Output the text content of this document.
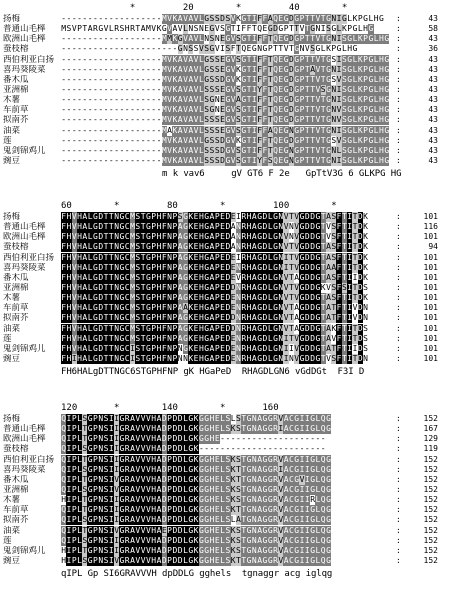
*	20	*	40	*
扬梅	- - - - - - - - - - - - - - - - - - - M V K A V A V L G S S D S V K G T I F F A Q E G D G P T T V T G N I G L K P G L H G :	43
普通山毛榉	M S V P T A R G V L R S H R T A M V K G V A V L N S N E G V S G T I F F T Q E G D G P T T V T G N I S G L K P G L H G	:	58
欧洲山毛榉	- - - - - - - - - - - - - - - - - - - M M K G V A V L N S N E G V S G T I F F T Q E G D G P T T V T G N I S G L K P G L H G :	43
蚕枝榕	- - - - - - - - - - - - - - - - - - - - - - G N S S V S G V I S F T Q E G N G P T T V T G N V S G L K P G L H G	:	36
西伯利亚白扬 - - - - - - - - - - - - - - - - - - - M V K A V A V L G S S E G V S G T I F F T Q E G D G P T T V T G S I S G L K P G L H G :	43
喜玛葵陵菜	- - - - - - - - - - - - - - - - - - - M V K A V A V L G S S E G V K G T I F F T Q E G D G P T A V T G N I S G L K P G L H G :	43
番木瓜	- - - - - - - - - - - - - - - - - - - M V K A V A V L G S S D G V K G T I F F T Q E G D G P T T V T G S V S G L K P G L H G :	43
亚洲棉	- - - - - - - - - - - - - - - - - - - M V K A V A V L S S S E G V S G T I Y F T Q E G D G P T T V S G N I S G L K P G L H G :	43
木薯	- - - - - - - - - - - - - - - - - - - M V K A V A V L S G N E G V A G T I F F T Q E G D G P T T V T G N I S G L K P G L H G :	43
车前草	- - - - - - - - - - - - - - - - - - - M V K A V A V L S G N E G V S G T I F F T Q E G D G P T T V T G N V S G L K P G L H G :	43
拟南芥	- - - - - - - - - - - - - - - - - - - M V K A V A V L S S S E G V S G T I F F T Q E G D G P T T V T G N V S G L K P G L H G :	43
油菜	- - - - - - - - - - - - - - - - - - - M A K A V A V L S S S E G V S G T I F F A Q E G N G P T T V T G N I S G L K P G L H G :	43
莲	- - - - - - - - - - - - - - - - - - - M V K A V A V L G S S D G V K G T I F F T Q E G D G P T T V T G S V S G L K P G L H G :	43
鬼剑锦鸡儿	- - - - - - - - - - - - - - - - - - - M V K A V A V L S S S D G V S G T I F F T Q E G N G P T T V T G N L S G L K P G L H G :	43
豌豆	- - - - - - - - - - - - - - - - - - - M V K A V A V L S S S D G V S G T I Y F S Q E G N G P T T V T G N I S G L K P G L H G :	43
m k vav6     gV GT6 F 2e   GpTtV3G 6 GLKPG HG
60	*	80	*	100	*
扬梅	F H V H A L G D T T N G C M S T G P H F N P S G K E H G A P E D E I R H A G D L G N V T V G D D G T A S F T I T D K	:	101
普通山毛榉	F H V H A L G D T T N G C M S T G P H F N P A G K E H G A P E D A N R H A G D L G N V N V G D D G T V S F T I T D K	:	116
欧洲山毛榉	F H V H A L G D T T N G C M S T G P H F N P A G K E H G A P E D A N R H A G D L G N V N V G D D G T V S F T I T D K	:	101
蚕枝榕	F H V H A L G D T T N G C M S T G P H F N P A G K E H G A P E D A N R H A G D L G N V T V G D D G T A S F T I T D K	:	94
西伯利亚白扬 F H V H A L G D T T N G C M S T G P H F N P A G K E H G A P E D E I R H A G D L G N I T V G D D G T A S F T I T D K	:	101
喜玛葵陵菜	F H V H A L G D T T N G C M S T G P H F N P A G K E H G A P E D E N R H A G D L G N I T V G D D G T A A F T I T D K	:	101
番木瓜	F H V H A L G D T T N G C M S T G P H F N P A G K E H G A P E D E V R H A G D L G N V T A G D D G T A S F T I I D K	:	101
亚洲棉	F H V H A L G D T T N G C M S T G P H F N P A G K E H G A P E D D N R H A G D L G N V T V G D D G K V S F S I T D S	:	101
木薯	F H V H A L G D T T N G C M S T G P H F N P A G K E H G A P E D E N R H A G D L G N V T V G D D G T A S F T I T D K	:	101
车前草	F H V H A L G D T T N G C M S T G P H F N P A A K E H G A P E D E N R H A G D L G N V T A G D D G T A T F T I V D N	:	101
拟南芥	F H V H A L G D T T N G C M S T G P H F N P A G K E H G A P E D D N R H A G D L G N V T A G D D G T A T F T I V D N	:	101
油菜	F H V H A L G D T T N G C M S T G P H F N P A G K E H G A P E D D N R H A G D L G N V T A G D D G T A K F T I T D S	:	101
莲	F H V H A L G D T T N G C M S T G P H F N P A G K E H G A P E D E N R H A G D L G N I T V G D D G T A V F T I T D S	:	101
鬼剑锦鸡儿	F H V H A L G D T T N G C I S T G P H F N P N G K E H G A P E D E N R H A G D L G N I I V G D D G T A T F T I I D S	:	101
豌豆	F H I H A L G D T T N G C I S T G P H F N P N N K E H G A P E D E N R H A G D L G N I N V G D D G T V S F T I T D N	:	101
FH6HALgDTTNGC6STGPHFNP gK HGaPeD  RHAGDLGN6 vGdDGt  F3I D
120	*	140	*	160
扬梅	Q I P L S G P N S I I G R A V V V H A D P D D L G K G G H E L S L S T G N A G G R V A C G I I G L Q G	:	152
普通山毛榉	Q I P L T G P N S I I G R A V V V H A D P D D L G K G G H E L S K S T G N A G G R I A C G I I G L Q G	:	167
欧洲山毛榉	Q I P L T G P N S I I G R A V V V H A D P D D L G K G G H E - - - - - - - - - - - - - - - - - - - -	:	129
蚕枝榕	Q I P L S G P N S I I G R A V V V H A D P D D L G K - - - - - - - - - - - - - - - - - - - - - - - -	:	119
西伯利亚白扬 Q I P L T G P N S I I G R A V V V H A D P D D L G K G G H E L S K S T G N A G G R V A C G I I G L Q G	:	152
喜玛葵陵菜	Q I P L S G P N S I I G R A V V V H A D P D D L G K G G H E L S K T T G N A G G R I A C G I I G L Q G	:	152
番木瓜	Q I P L T G P N S I V G R A V V V H A D P D D L G K G G H E L S K T T G N A G G R V A C G V I G L Q G	:	152
亚洲棉	Q I P L S G P N S I V G R A V V V H A D P D D L G K G G H E L S K S T G N A G G R V A C G I I G L Q G	:	152
木薯	H I P L T G P N S I I G R A V V V H A D P D D L G K G G H E L S K S T G N A G G R V A C G I I R L Q G	:	152
车前草	Q I P L T G P N S I I G R A V V V H A D P D D L G K G G H E L S K T T G N A G G R V A C G I I G L Q G	:	152
拟南芥	Q I P L S G P N S I I G R A V V V H A D P D D L G K G G H E L S L A T G N A G G R V A C G I I G L Q G	:	152
油菜	Q I P L T G P N S I V G R A V V V H A E P D D L G K G G H E L S K S T G N A G G R V A C G I I G L Q G	:	152
莲	Q I P L S G P N S I I G R A V V V H A D P D D L G K G G H E L S K S T G N A G G R V A C G I I G L Q G	:	152
鬼剑锦鸡儿	H I P L T G P N S I I G R A V V V H A D P D D L G K G G H E L S K S T G N A G G R V A C G I I G L Q G	:	152
豌豆	H I P L S G P N S I V G R A V V V H A D P D D L G K G G H E L S K T T G N A G G R V A C G I I G L Q G	:	152
qIPL Gp SI6GRAVVVH dpDDLG gghels  tgnaggr acg iglqg
